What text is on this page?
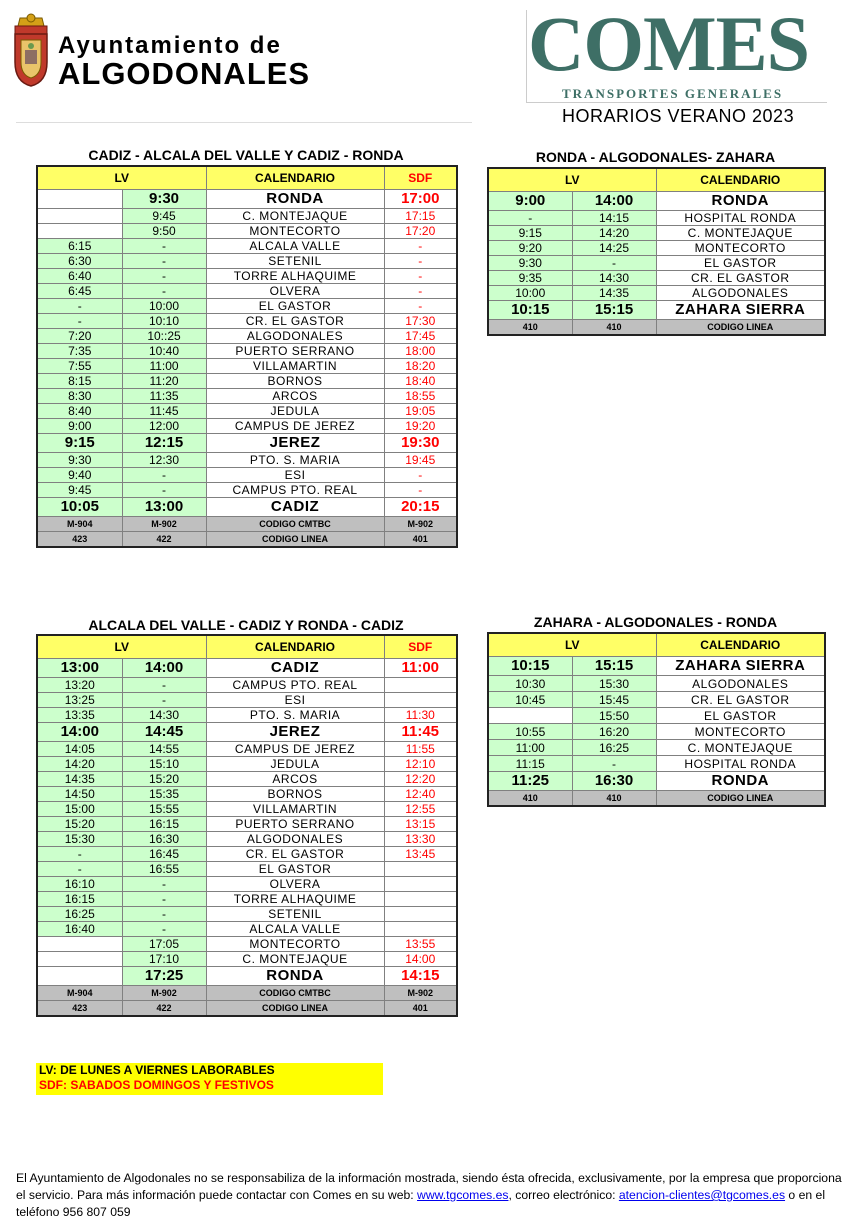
Ayuntamiento de
ALGODONALES	COMES
TRANSPORTES GENERALES
HORARIOS VERANO 2023
CADIZ - ALCALA DEL VALLE Y CADIZ - RONDA
LV		CALENDARIO	SDF
	9:30	RONDA	17:00
	9:45	C. MONTEJAQUE	17:15
	9:50	MONTECORTO	17:20
6:15	-	ALCALA VALLE	-
6:30	-	SETENIL	-
6:40	-	TORRE ALHAQUIME	-
6:45	-	OLVERA	-
-	10:00	EL GASTOR	-
-	10:10	CR. EL GASTOR	17:30
7:20	10::25	ALGODONALES	17:45
7:35	10:40	PUERTO SERRANO	18:00
7:55	11:00	VILLAMARTIN	18:20
8:15	11:20	BORNOS	18:40
8:30	11:35	ARCOS	18:55
8:40	11:45	JEDULA	19:05
9:00	12:00	CAMPUS DE JEREZ	19:20
9:15	12:15	JEREZ	19:30
9:30	12:30	PTO. S. MARIA	19:45
9:40	-	ESI	-
9:45	-	CAMPUS PTO. REAL	-
10:05	13:00	CADIZ	20:15
M-904	M-902	CODIGO CMTBC	M-902
423	422	CODIGO LINEA	401
RONDA - ALGODONALES- ZAHARA
LV		CALENDARIO
9:00	14:00	RONDA
-	14:15	HOSPITAL RONDA
9:15	14:20	C. MONTEJAQUE
9:20	14:25	MONTECORTO
9:30	-	EL GASTOR
9:35	14:30	CR. EL GASTOR
10:00	14:35	ALGODONALES
10:15	15:15	ZAHARA SIERRA
410	410	CODIGO LINEA
ALCALA DEL VALLE - CADIZ Y RONDA - CADIZ
LV		CALENDARIO	SDF
13:00	14:00	CADIZ	11:00
13:20	-	CAMPUS PTO. REAL	
13:25	-	ESI	
13:35	14:30	PTO. S. MARIA	11:30
14:00	14:45	JEREZ	11:45
14:05	14:55	CAMPUS DE JEREZ	11:55
14:20	15:10	JEDULA	12:10
14:35	15:20	ARCOS	12:20
14:50	15:35	BORNOS	12:40
15:00	15:55	VILLAMARTIN	12:55
15:20	16:15	PUERTO SERRANO	13:15
15:30	16:30	ALGODONALES	13:30
-	16:45	CR. EL GASTOR	13:45
-	16:55	EL GASTOR	
16:10	-	OLVERA	
16:15	-	TORRE ALHAQUIME	
16:25	-	SETENIL	
16:40	-	ALCALA VALLE	
	17:05	MONTECORTO	13:55
	17:10	C. MONTEJAQUE	14:00
	17:25	RONDA	14:15
M-904	M-902	CODIGO CMTBC	M-902
423	422	CODIGO LINEA	401
ZAHARA - ALGODONALES - RONDA
LV		CALENDARIO
10:15	15:15	ZAHARA SIERRA
10:30	15:30	ALGODONALES
10:45	15:45	CR. EL GASTOR
	15:50	EL GASTOR
10:55	16:20	MONTECORTO
11:00	16:25	C. MONTEJAQUE
11:15	-	HOSPITAL RONDA
11:25	16:30	RONDA
410	410	CODIGO LINEA
LV: DE LUNES A VIERNES LABORABLES
SDF: SABADOS DOMINGOS Y FESTIVOS
El Ayuntamiento de Algodonales no se responsabiliza de la información mostrada, siendo ésta ofrecida, exclusivamente, por la empresa que proporciona el servicio. Para más información puede contactar con Comes en su web: www.tgcomes.es, correo electrónico: atencion-clientes@tgcomes.es o en el teléfono 956 807 059
